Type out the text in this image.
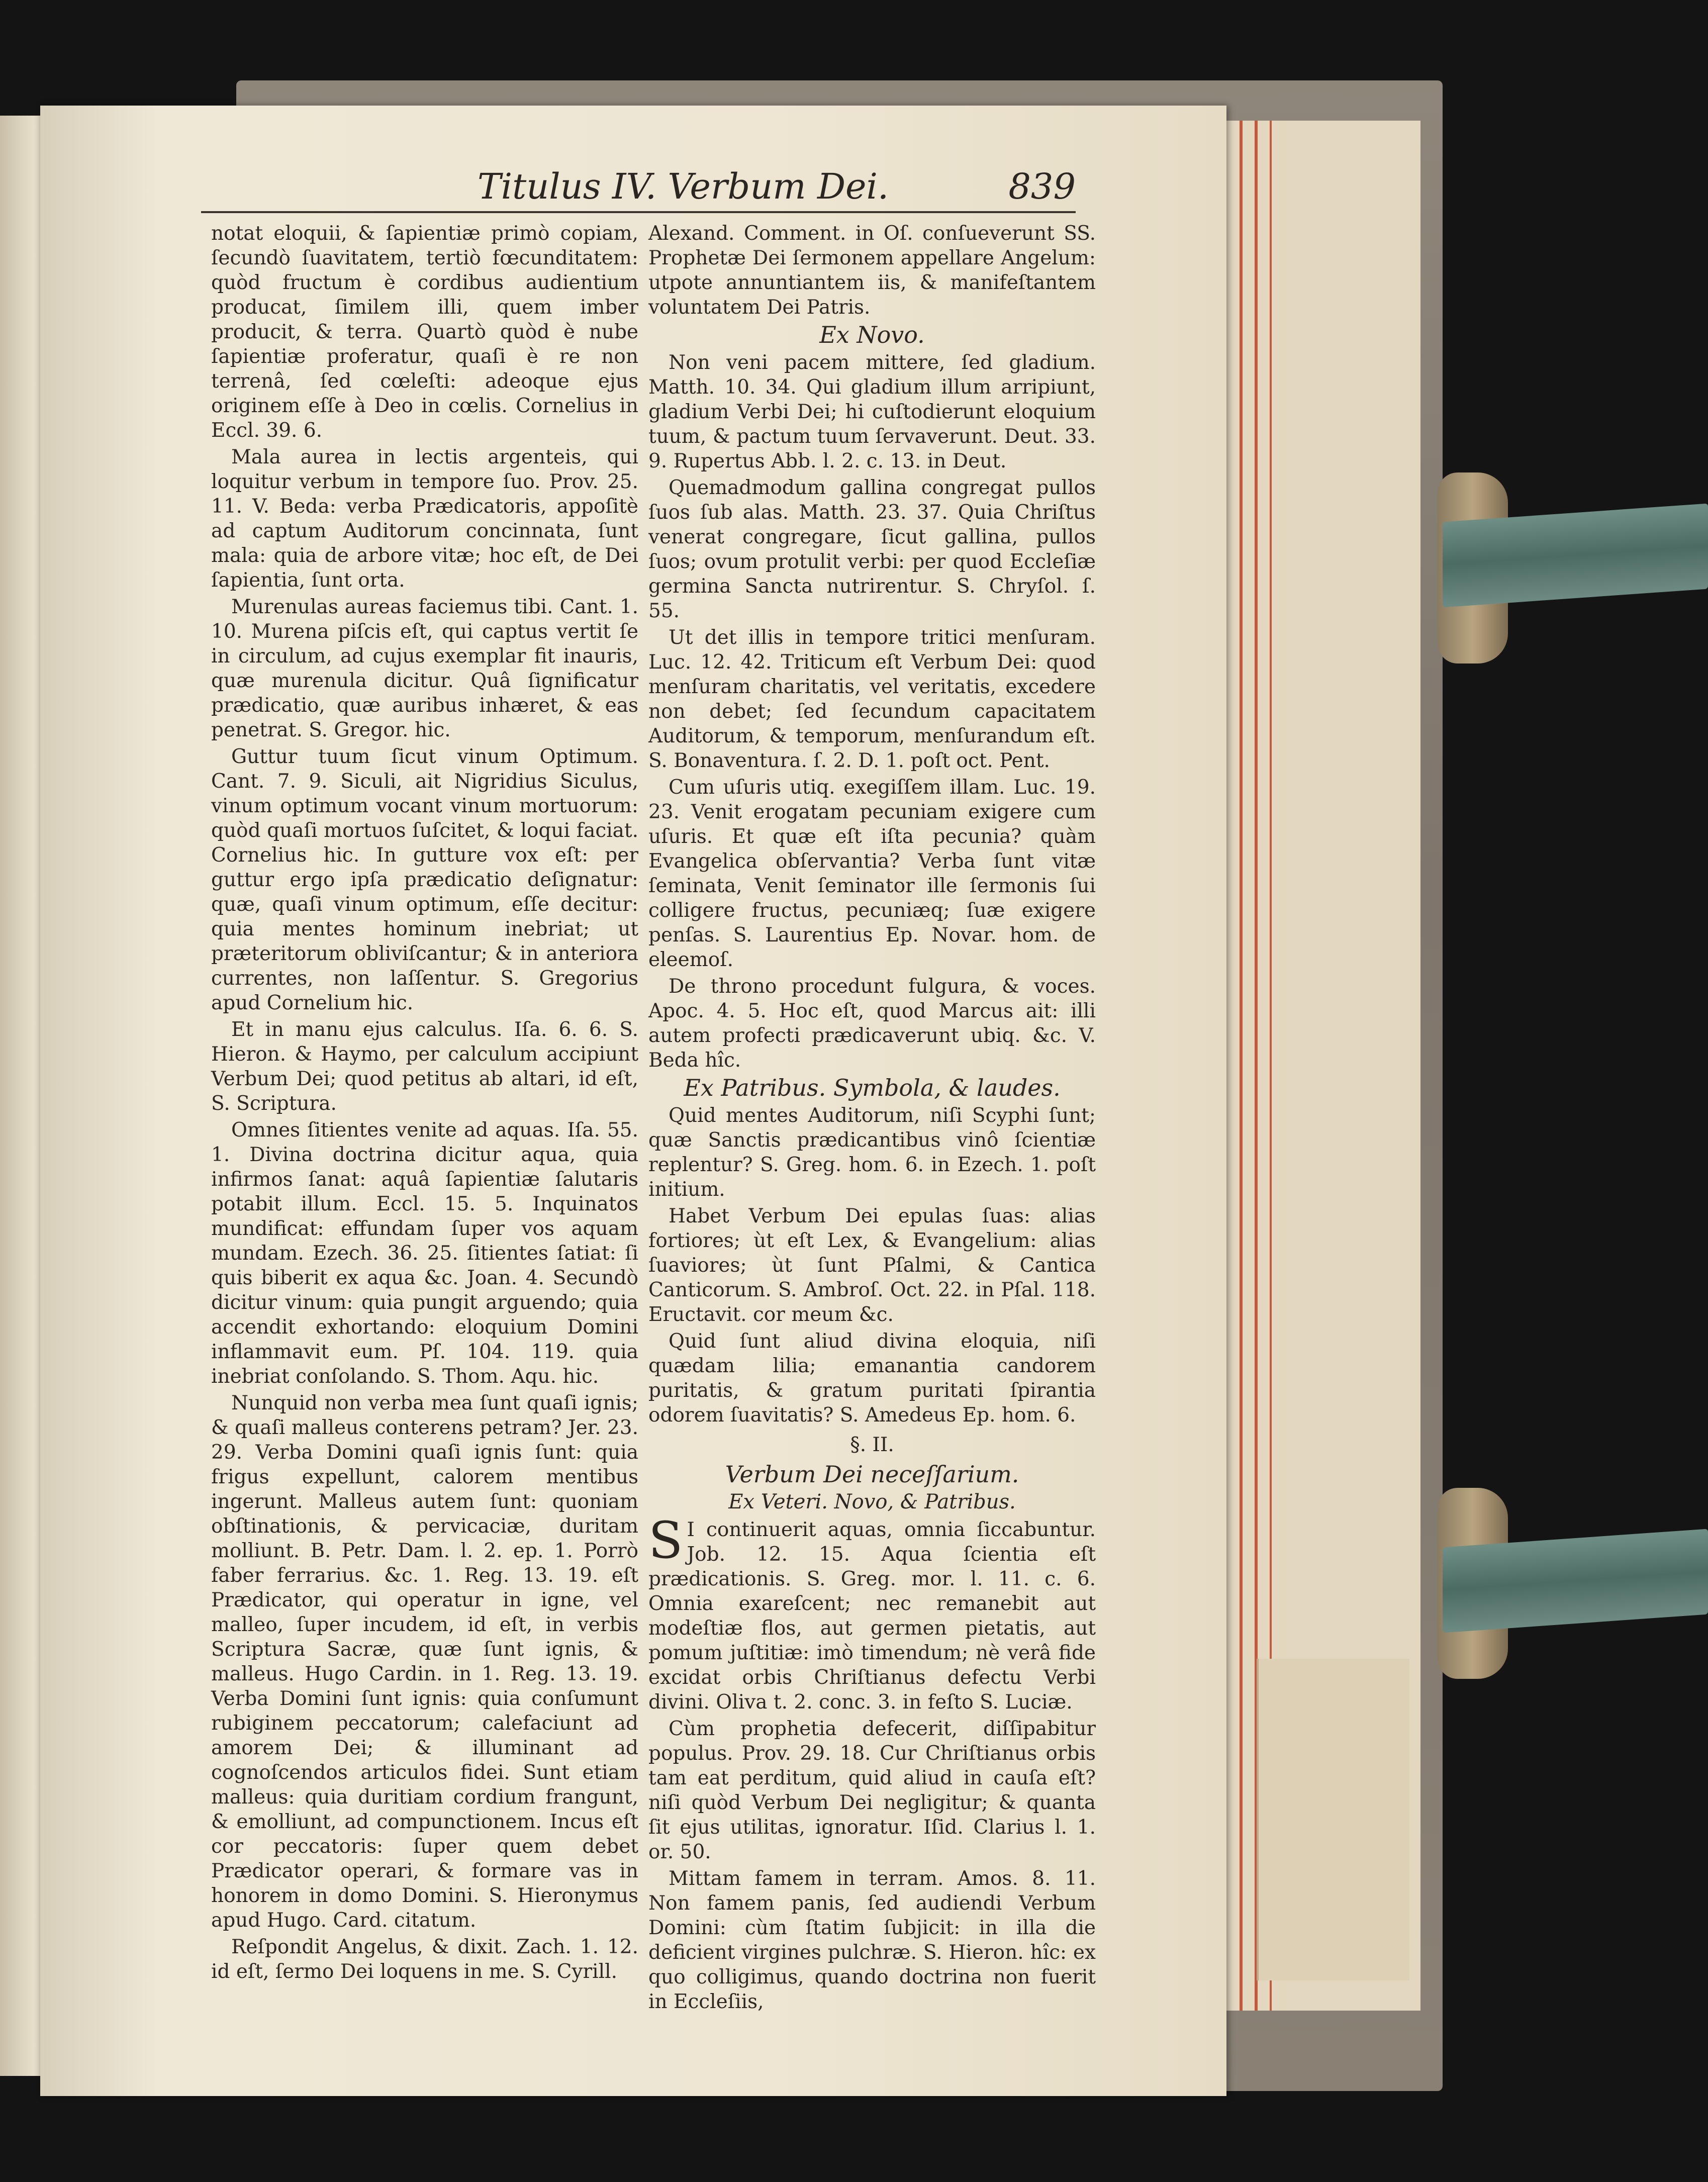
Titulus IV. Verbum Dei.	839

notat eloquii, & ſapientiæ primò copiam, ſecundò ſuavitatem, tertiò fœcunditatem: quòd fructum è cordibus audientium producat, ſimilem illi, quem imber producit, & terra. Quartò quòd è nube ſapientiæ proferatur, quaſi è re non terrenâ, ſed cœleſti: adeoque ejus originem eſſe à Deo in cœlis. Cornelius in Eccl. 39. 6.

Mala aurea in lectis argenteis, qui loquitur verbum in tempore ſuo. Prov. 25. 11. V. Beda: verba Prædicatoris, appoſitè ad captum Auditorum concinnata, ſunt mala: quia de arbore vitæ; hoc eſt, de Dei ſapientia, ſunt orta.

Murenulas aureas faciemus tibi. Cant. 1. 10. Murena piſcis eſt, qui captus vertit ſe in circulum, ad cujus exemplar fit inauris, quæ murenula dicitur. Quâ ſignificatur prædicatio, quæ auribus inhæret, & eas penetrat. S. Gregor. hic.

Guttur tuum ſicut vinum Optimum. Cant. 7. 9. Siculi, ait Nigridius Siculus, vinum optimum vocant vinum mortuorum: quòd quaſi mortuos ſuſcitet, & loqui faciat. Cornelius hic. In gutture vox eſt: per guttur ergo ipſa prædicatio deſignatur: quæ, quaſi vinum optimum, eſſe decitur: quia mentes hominum inebriat; ut præteritorum obliviſcantur; & in anteriora currentes, non laſſentur. S. Gregorius apud Cornelium hic.

Et in manu ejus calculus. Iſa. 6. 6. S. Hieron. & Haymo, per calculum accipiunt Verbum Dei; quod petitus ab altari, id eſt, S. Scriptura.

Omnes ſitientes venite ad aquas. Iſa. 55. 1. Divina doctrina dicitur aqua, quia infirmos ſanat: aquâ ſapientiæ ſalutaris potabit illum. Eccl. 15. 5. Inquinatos mundificat: effundam ſuper vos aquam mundam. Ezech. 36. 25. ſitientes ſatiat: ſi quis biberit ex aqua &c. Joan. 4. Secundò dicitur vinum: quia pungit arguendo; quia accendit exhortando: eloquium Domini inflammavit eum. Pſ. 104. 119. quia inebriat conſolando. S. Thom. Aqu. hic.

Nunquid non verba mea ſunt quaſi ignis; & quaſi malleus conterens petram? Jer. 23. 29. Verba Domini quaſi ignis ſunt: quia frigus expellunt, calorem mentibus ingerunt. Malleus autem ſunt: quoniam obſtinationis, & pervicaciæ, duritam molliunt. B. Petr. Dam. l. 2. ep. 1. Porrò faber ferrarius. &c. 1. Reg. 13. 19. eſt Prædicator, qui operatur in igne, vel malleo, ſuper incudem, id eſt, in verbis Scriptura Sacræ, quæ ſunt ignis, & malleus. Hugo Cardin. in 1. Reg. 13. 19. Verba Domini ſunt ignis: quia conſumunt rubiginem peccatorum; calefaciunt ad amorem Dei; & illuminant ad cognoſcendos articulos fidei. Sunt etiam malleus: quia duritiam cordium frangunt, & emolliunt, ad compunctionem. Incus eſt cor peccatoris: ſuper quem debet Prædicator operari, & formare vas in honorem in domo Domini. S. Hieronymus apud Hugo. Card. citatum.

Reſpondit Angelus, & dixit. Zach. 1. 12. id eſt, ſermo Dei loquens in me. S. Cyrill.

Alexand. Comment. in Oſ. conſueverunt SS. Prophetæ Dei ſermonem appellare Angelum: utpote annuntiantem iis, & manifeſtantem voluntatem Dei Patris.

Ex Novo.

Non veni pacem mittere, ſed gladium. Matth. 10. 34. Qui gladium illum arripiunt, gladium Verbi Dei; hi cuſtodierunt eloquium tuum, & pactum tuum ſervaverunt. Deut. 33. 9. Rupertus Abb. l. 2. c. 13. in Deut.

Quemadmodum gallina congregat pullos ſuos ſub alas. Matth. 23. 37. Quia Chriſtus venerat congregare, ſicut gallina, pullos ſuos; ovum protulit verbi: per quod Eccleſiæ germina Sancta nutrirentur. S. Chryſol. ſ. 55.

Ut det illis in tempore tritici menſuram. Luc. 12. 42. Triticum eſt Verbum Dei: quod menſuram charitatis, vel veritatis, excedere non debet; ſed ſecundum capacitatem Auditorum, & temporum, menſurandum eſt. S. Bonaventura. ſ. 2. D. 1. poſt oct. Pent.

Cum uſuris utiq. exegiſſem illam. Luc. 19. 23. Venit erogatam pecuniam exigere cum uſuris. Et quæ eſt iſta pecunia? quàm Evangelica obſervantia? Verba ſunt vitæ ſeminata, Venit ſeminator ille ſermonis ſui colligere fructus, pecuniæq; ſuæ exigere penſas. S. Laurentius Ep. Novar. hom. de eleemoſ.

De throno procedunt fulgura, & voces. Apoc. 4. 5. Hoc eſt, quod Marcus ait: illi autem profecti prædicaverunt ubiq. &c. V. Beda hîc.

Ex Patribus. Symbola, & laudes.

Quid mentes Auditorum, niſi Scyphi ſunt; quæ Sanctis prædicantibus vinô ſcientiæ replentur? S. Greg. hom. 6. in Ezech. 1. poſt initium.

Habet Verbum Dei epulas ſuas: alias fortiores; ùt eſt Lex, & Evangelium: alias ſuaviores; ùt ſunt Pſalmi, & Cantica Canticorum. S. Ambroſ. Oct. 22. in Pſal. 118. Eructavit. cor meum &c.

Quid ſunt aliud divina eloquia, niſi quædam lilia; emanantia candorem puritatis, & gratum puritati ſpirantia odorem ſuavitatis? S. Amedeus Ep. hom. 6.

§. II.
Verbum Dei neceſſarium.
Ex Veteri. Novo, & Patribus.

S I continuerit aquas, omnia ſiccabuntur. Job. 12. 15. Aqua ſcientia eſt prædicationis. S. Greg. mor. l. 11. c. 6. Omnia exareſcent; nec remanebit aut modeſtiæ flos, aut germen pietatis, aut pomum juſtitiæ: imò timendum; nè verâ fide excidat orbis Chriſtianus defectu Verbi divini. Oliva t. 2. conc. 3. in feſto S. Luciæ.

Cùm prophetia defecerit, diſſipabitur populus. Prov. 29. 18. Cur Chriſtianus orbis tam eat perditum, quid aliud in cauſa eſt? niſi quòd Verbum Dei negligitur; & quanta ſit ejus utilitas, ignoratur. Iſid. Clarius l. 1. or. 50.

Mittam famem in terram. Amos. 8. 11. Non famem panis, ſed audiendi Verbum Domini: cùm ſtatim ſubjicit: in illa die deficient virgines pulchræ. S. Hieron. hîc: ex quo colligimus, quando doctrina non fuerit in Eccleſiis,
